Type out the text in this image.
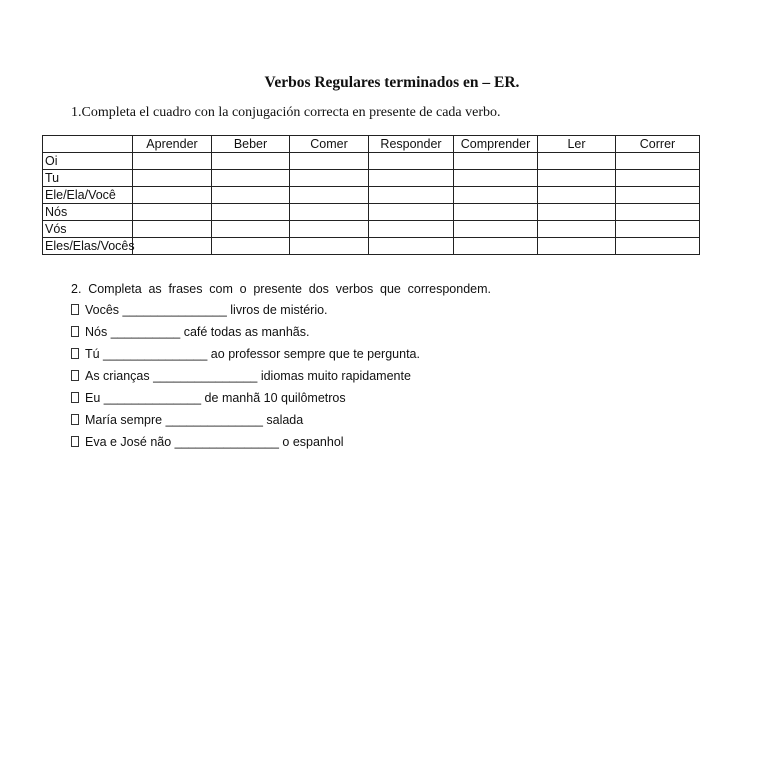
Verbos Regulares terminados en – ER.
1.Completa el cuadro con la conjugación correcta en presente de cada verbo.
	Aprender	Beber	Comer	Responder	Comprender	Ler	Correr
Oi							
Tu							
Ele/Ela/Você							
Nós							
Vós							
Eles/Elas/Vocês							
2. Completa as frases com o presente dos verbos que correspondem.
Vocês _______________ livros de mistério.
Nós __________ café todas as manhãs.
Tú _______________ ao professor sempre que te pergunta.
As crianças _______________ idiomas muito rapidamente
Eu ______________ de manhã 10 quilômetros
María sempre ______________ salada
Eva e José não _______________ o espanhol
